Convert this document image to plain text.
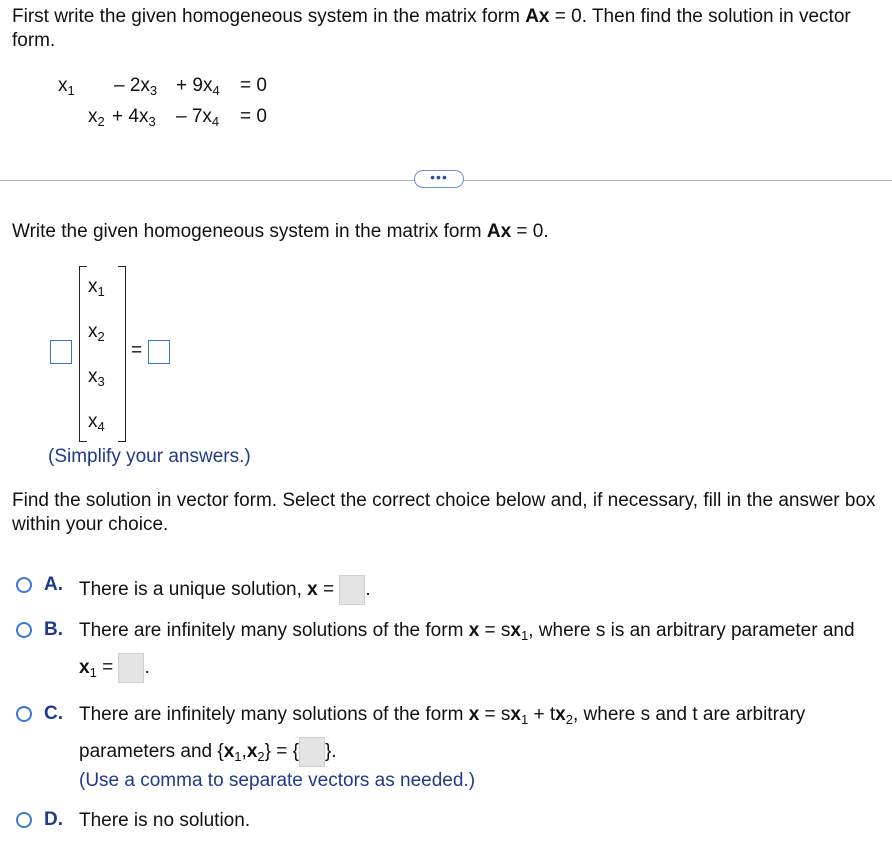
First write the given homogeneous system in the matrix form Ax = 0. Then find the solution in vector form.
$x_1 - 2x_3 + 9x_4 = 0$
$x_2 + 4x_3 - 7x_4 = 0$
•••
Write the given homogeneous system in the matrix form Ax = 0.
$x_1$
$x_2$
$x_3$
$x_4$
=
(Simplify your answers.)
Find the solution in vector form. Select the correct choice below and, if necessary, fill in the answer box within your choice.
A. There is a unique solution, x = .
B. There are infinitely many solutions of the form $x = sx_1$, where s is an arbitrary parameter and
$x_1$ = .
C. There are infinitely many solutions of the form $x = sx_1 + tx_2$, where s and t are arbitrary
parameters and $\{x_1,x_2\}$ = { }.
(Use a comma to separate vectors as needed.)
D. There is no solution.
